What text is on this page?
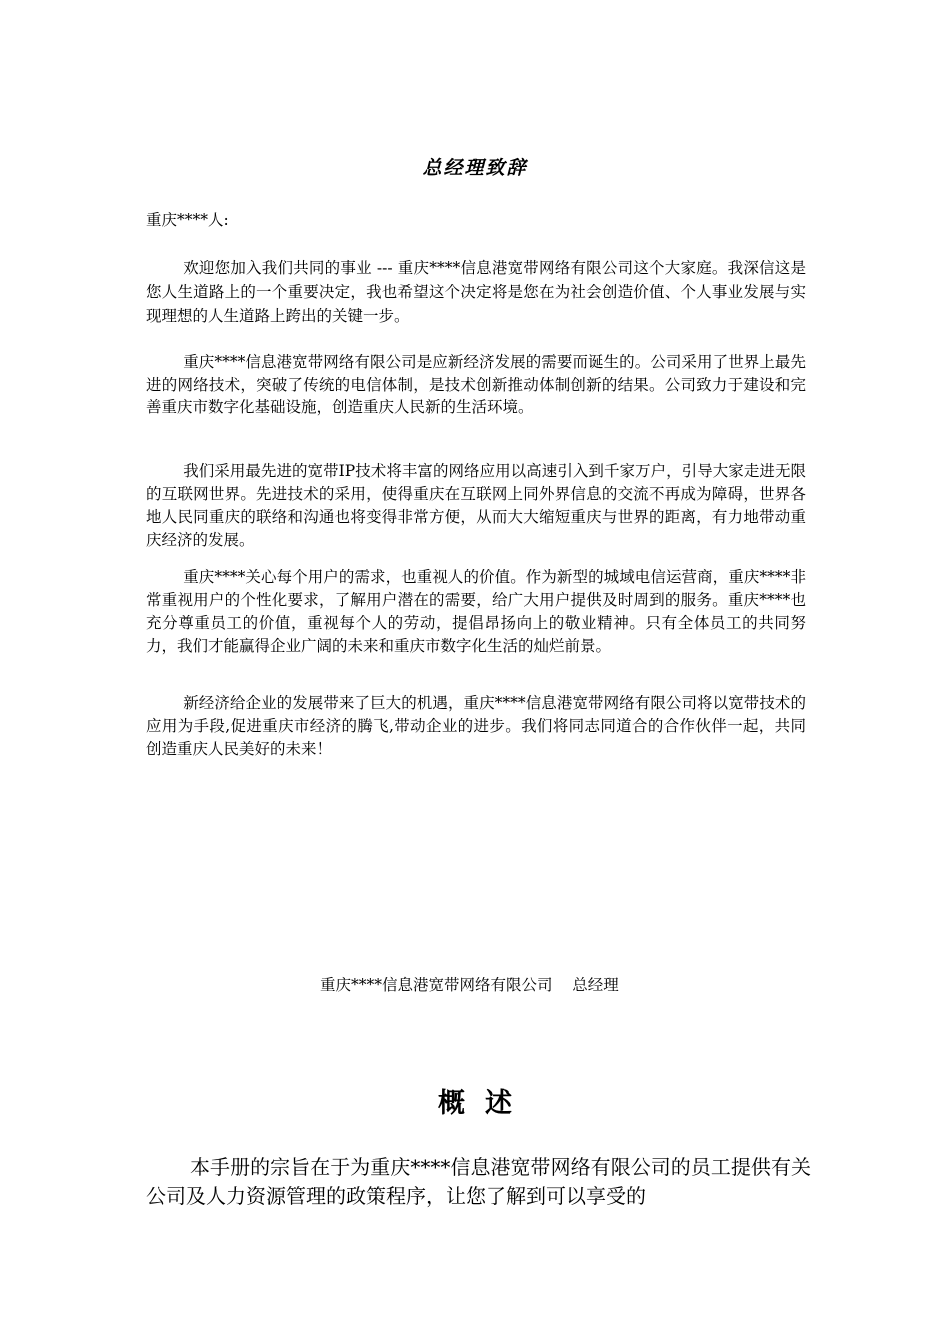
总经理致辞
重庆****人:

欢迎您加入我们共同的事业 --- 重庆****信息港宽带网络有限公司这个大家庭。我深信这是您人生道路上的一个重要决定，我也希望这个决定将是您在为社会创造价值、个人事业发展与实现理想的人生道路上跨出的关键一步。

重庆****信息港宽带网络有限公司是应新经济发展的需要而诞生的。公司采用了世界上最先进的网络技术，突破了传统的电信体制，是技术创新推动体制创新的结果。公司致力于建设和完善重庆市数字化基础设施，创造重庆人民新的生活环境。

我们采用最先进的宽带IP技术将丰富的网络应用以高速引入到千家万户，引导大家走进无限的互联网世界。先进技术的采用，使得重庆在互联网上同外界信息的交流不再成为障碍，世界各地人民同重庆的联络和沟通也将变得非常方便，从而大大缩短重庆与世界的距离，有力地带动重庆经济的发展。

重庆****关心每个用户的需求，也重视人的价值。作为新型的城域电信运营商，重庆****非常重视用户的个性化要求，了解用户潜在的需要，给广大用户提供及时周到的服务。重庆****也充分尊重员工的价值，重视每个人的劳动，提倡昂扬向上的敬业精神。只有全体员工的共同努力，我们才能赢得企业广阔的未来和重庆市数字化生活的灿烂前景。

新经济给企业的发展带来了巨大的机遇，重庆****信息港宽带网络有限公司将以宽带技术的应用为手段,促进重庆市经济的腾飞,带动企业的进步。我们将同志同道合的合作伙伴一起，共同创造重庆人民美好的未来！

重庆****信息港宽带网络有限公司    总经理
概述

本手册的宗旨在于为重庆****信息港宽带网络有限公司的员工提供有关公司及人力资源管理的政策程序，让您了解到可以享受的
